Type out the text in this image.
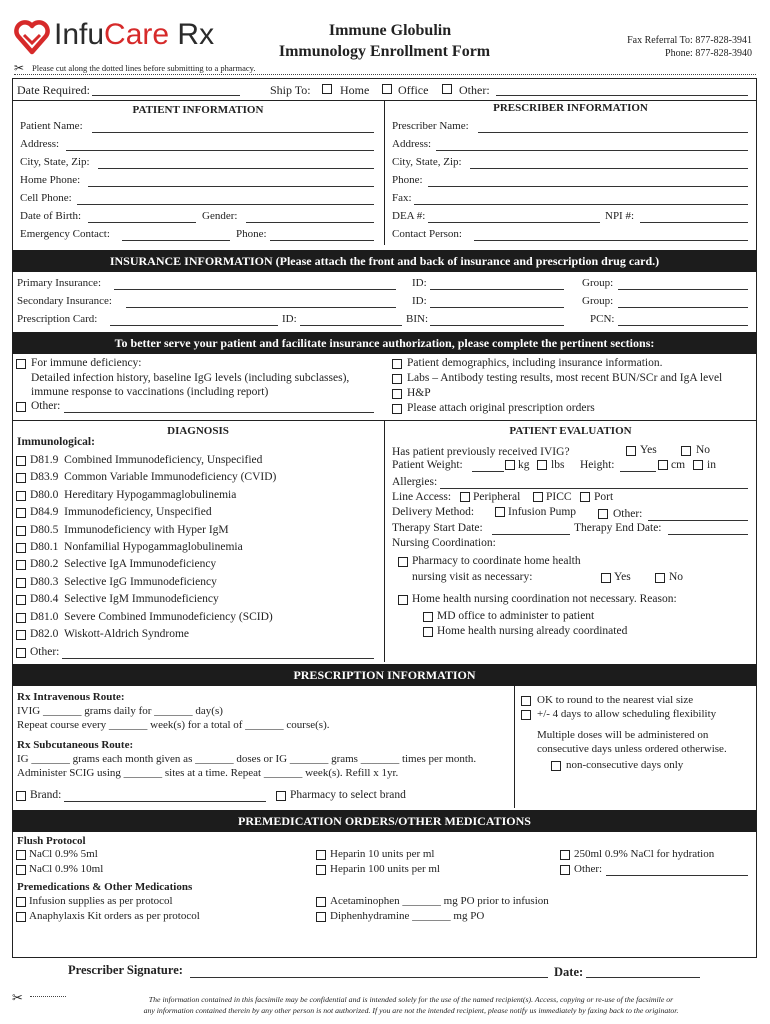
InfuCare Rx	Immune Globulin
Immunology Enrollment Form
Fax Referral To: 877-828-3941
Phone: 877-828-3940
✂ Please cut along the dotted lines before submitting to a pharmacy.
Date Required:	Ship To: Home Office	Other:
PATIENT INFORMATION	PRESCRIBER INFORMATION
Patient Name:
Address:
City, State, Zip:
Home Phone:
Cell Phone:
Date of Birth:	Gender:
Emergency Contact:	Phone:
Prescriber Name:
Address:
City, State, Zip:
Phone:
Fax:
DEA #:	NPI #:
Contact Person:
INSURANCE INFORMATION (Please attach the front and back of insurance and prescription drug card.)
Primary Insurance:	ID:	Group:
Secondary Insurance:	ID:	Group:
Prescription Card:	ID:	BIN:	PCN:
To better serve your patient and facilitate insurance authorization, please complete the pertinent sections:
For immune deficiency:
Detailed infection history, baseline IgG levels (including subclasses),
immune response to vaccinations (including report)
Other:
Patient demographics, including insurance information.
Labs – Antibody testing results, most recent BUN/SCr and IgA level
H&P
Please attach original prescription orders
DIAGNOSIS
Immunological:
D81.9  Combined Immunodeficiency, Unspecified
D83.9  Common Variable Immunodeficiency (CVID)
D80.0  Hereditary Hypogammaglobulinemia
D84.9  Immunodeficiency, Unspecified
D80.5  Immunodeficiency with Hyper IgM
D80.1  Nonfamilial Hypogammaglobulinemia
D80.2  Selective IgA Immunodeficiency
D80.3  Selective IgG Immunodeficiency
D80.4  Selective IgM Immunodeficiency
D81.0  Severe Combined Immunodeficiency (SCID)
D82.0  Wiskott-Aldrich Syndrome
Other:
PATIENT EVALUATION
Has patient previously received IVIG?	Yes	No
Patient Weight:	kg lbs Height:	cm in
Allergies:
Line Access: Peripheral PICC Port
Delivery Method:	Infusion Pump	Other:
Therapy Start Date:	Therapy End Date:
Nursing Coordination:
Pharmacy to coordinate home health
nursing visit as necessary:	Yes	No
Home health nursing coordination not necessary. Reason:
MD office to administer to patient
Home health nursing already coordinated
PRESCRIPTION INFORMATION
Rx Intravenous Route:
IVIG _______ grams daily for _______ day(s)
Repeat course every _______ week(s) for a total of _______ course(s).
Rx Subcutaneous Route:
IG _______ grams each month given as _______ doses or IG _______ grams _______ times per month.
Administer SCIG using _______ sites at a time. Repeat _______ week(s). Refill x 1yr.
Brand:	Pharmacy to select brand
OK to round to the nearest vial size
+/- 4 days to allow scheduling flexibility
Multiple doses will be administered on
consecutive days unless ordered otherwise.
non-consecutive days only
PREMEDICATION ORDERS/OTHER MEDICATIONS
Flush Protocol
NaCl 0.9% 5ml
NaCl 0.9% 10ml
Heparin 10 units per ml
Heparin 100 units per ml
250ml 0.9% NaCl for hydration
Other:
Premedications & Other Medications
Infusion supplies as per protocol
Anaphylaxis Kit orders as per protocol
Acetaminophen _______ mg PO prior to infusion
Diphenhydramine _______ mg PO
Prescriber Signature:	Date:
✂	The information contained in this facsimile may be confidential and is intended solely for the use of the named recipient(s). Access, copying or re-use of the facsimile or
any information contained therein by any other person is not authorized. If you are not the intended recipient, please notify us immediately by faxing back to the originator.
